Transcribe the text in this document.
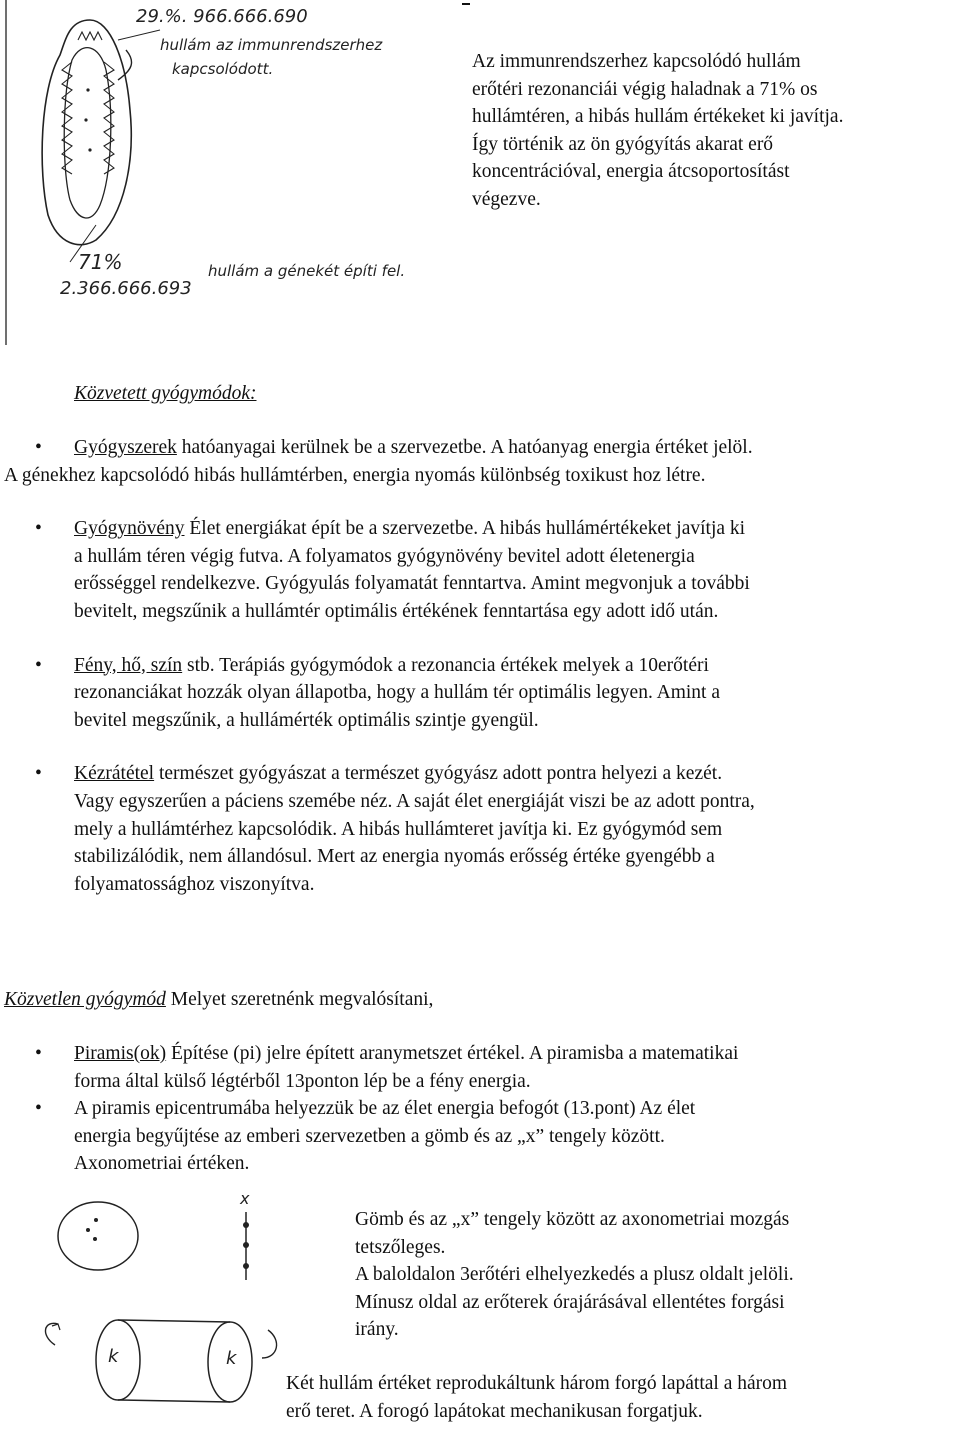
29.%. 966.666.690
hullám az immunrendszerhez
kapcsolódott.
71%
2.366.666.693
hullám a génekét építi fel.
Az immunrendszerhez kapcsolódó hullám
erőtéri rezonanciái végig haladnak a 71% os
hullámtéren, a hibás hullám értékeket ki javítja.
Így történik az ön gyógyítás akarat erő
koncentrációval, energia átcsoportosítást
végezve.
Közvetett gyógymódok:
• Gyógyszerek hatóanyagai kerülnek be a szervezetbe. A hatóanyag energia értéket jelöl.
A génekhez kapcsolódó hibás hullámtérben, energia nyomás különbség toxikust hoz létre.
• Gyógynövény Élet energiákat épít be a szervezetbe. A hibás hullámértékeket javítja ki
a hullám téren végig futva. A folyamatos gyógynövény bevitel adott életenergia
erősséggel rendelkezve. Gyógyulás folyamatát fenntartva. Amint megvonjuk a további
bevitelt, megszűnik a hullámtér optimális értékének fenntartása egy adott idő után.
• Fény, hő, szín stb. Terápiás gyógymódok a rezonancia értékek melyek a 10erőtéri
rezonanciákat hozzák olyan állapotba, hogy a hullám tér optimális legyen. Amint a
bevitel megszűnik, a hullámérték optimális szintje gyengül.
• Kézrátétel természet gyógyászat a természet gyógyász adott pontra helyezi a kezét.
Vagy egyszerűen a páciens szemébe néz. A saját élet energiáját viszi be az adott pontra,
mely a hullámtérhez kapcsolódik. A hibás hullámteret javítja ki. Ez gyógymód sem
stabilizálódik, nem állandósul. Mert az energia nyomás erősség értéke gyengébb a
folyamatossághoz viszonyítva.
Közvetlen gyógymód Melyet szeretnénk megvalósítani,
• Piramis(ok) Építése (pi) jelre épített aranymetszet értékel. A piramisba a matematikai
forma által külső légtérből 13ponton lép be a fény energia.
• A piramis epicentrumába helyezzük be az élet energia befogót (13.pont) Az élet
energia begyűjtése az emberi szervezetben a gömb és az „x” tengely között.
Axonometriai értéken.
x
k	k
Gömb és az „x” tengely között az axonometriai mozgás
tetszőleges.
A baloldalon 3erőtéri elhelyezkedés a plusz oldalt jelöli.
Mínusz oldal az erőterek órajárásával ellentétes forgási
irány.
Két hullám értéket reprodukáltunk három forgó lapáttal a három
erő teret. A forogó lapátokat mechanikusan forgatjuk.
